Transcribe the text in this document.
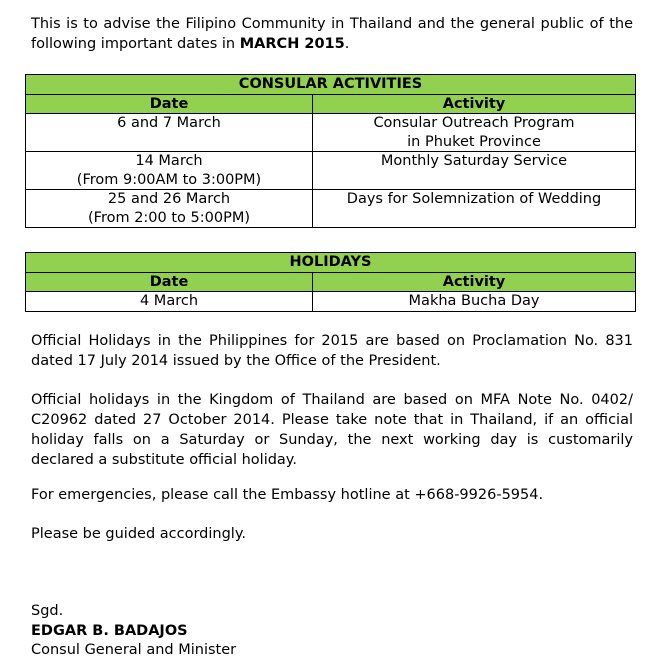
This is to advise the Filipino Community in Thailand and the general public of the following important dates in MARCH 2015.

CONSULAR ACTIVITIES	
Date	Activity

6 and 7 March	Consular Outreach Program
in Phuket Province

14 March
(From 9:00AM to 3:00PM)	Monthly Saturday Service

25 and 26 March
(From 2:00 to 5:00PM)	Days for Solemnization of Wedding
HOLIDAYS	
Date	Activity
4 March	Makha Bucha Day

Official Holidays in the Philippines for 2015 are based on Proclamation No. 831 dated 17 July 2014 issued by the Office of the President.

Official holidays in the Kingdom of Thailand are based on MFA Note No. 0402/ C20962 dated 27 October 2014. Please take note that in Thailand, if an official holiday falls on a Saturday or Sunday, the next working day is customarily declared a substitute official holiday.

For emergencies, please call the Embassy hotline at +668-9926-5954.

Please be guided accordingly.

Sgd.

EDGAR B. BADAJOS

Consul General and Minister
